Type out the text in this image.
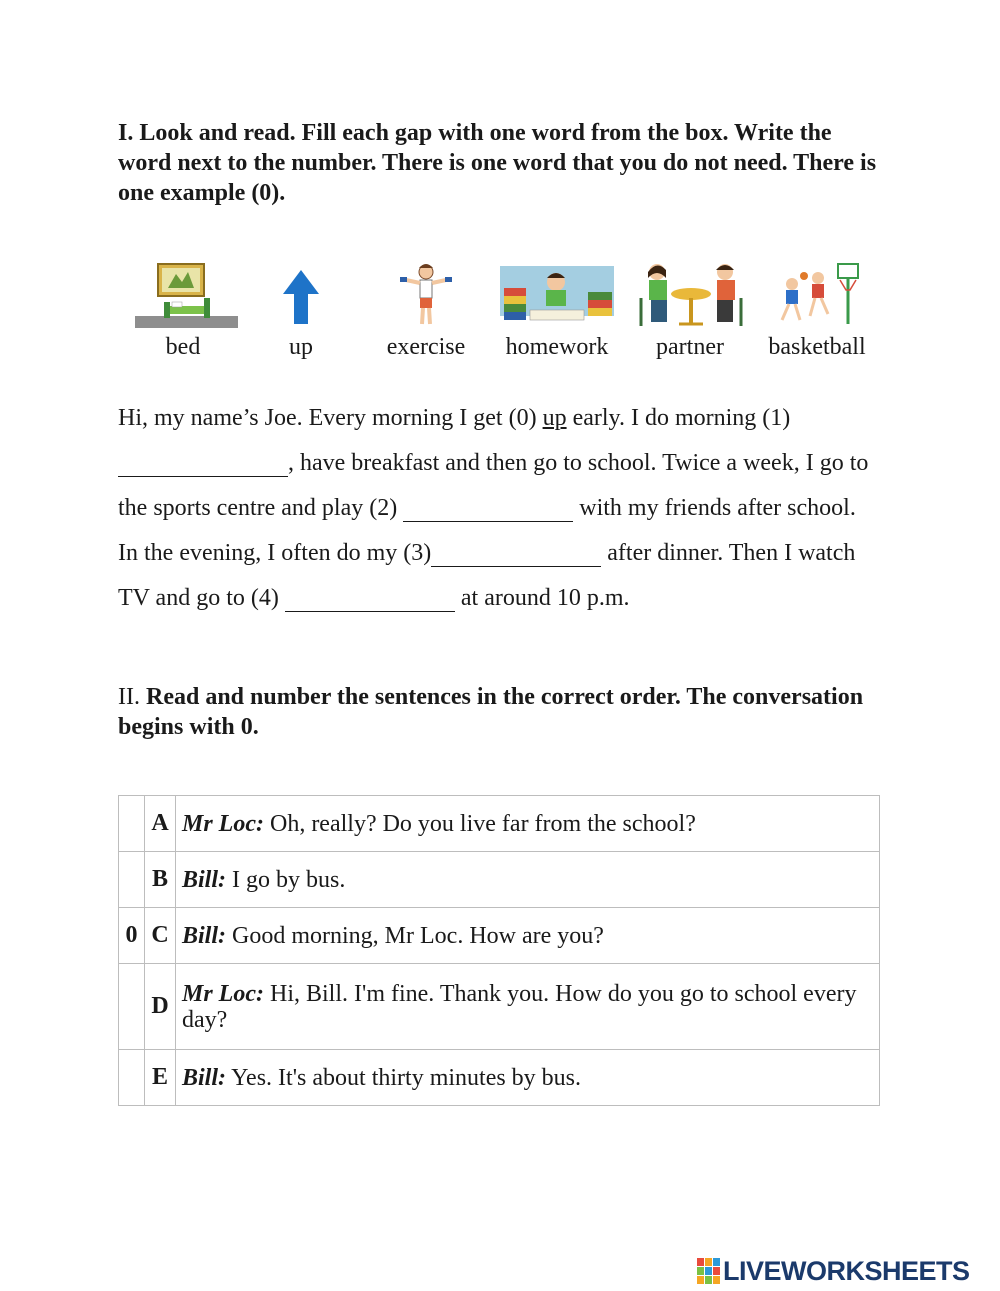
I. Look and read. Fill each gap with one word from the box. Write the word next to the number. There is one word that you do not need. There is one example (0).
bed	up	exercise	homework	partner	basketball
Hi, my name’s Joe. Every morning I get (0) up early. I do morning (1)
, have breakfast and then go to school. Twice a week, I go to the sports centre and play (2)	with my friends after school. In the evening, I often do my (3)	after dinner. Then I watch TV and go to (4)	at around 10 p.m.
II. Read and number the sentences in the correct order. The conversation begins with 0.
	A	Mr Loc: Oh, really? Do you live far from the school?
	B	Bill: I go by bus.
0	C	Bill: Good morning, Mr Loc. How are you?
	D	Mr Loc: Hi, Bill. I'm fine. Thank you. How do you go to school every day?
	E	Bill: Yes. It's about thirty minutes by bus.
LIVEWORKSHEETS
